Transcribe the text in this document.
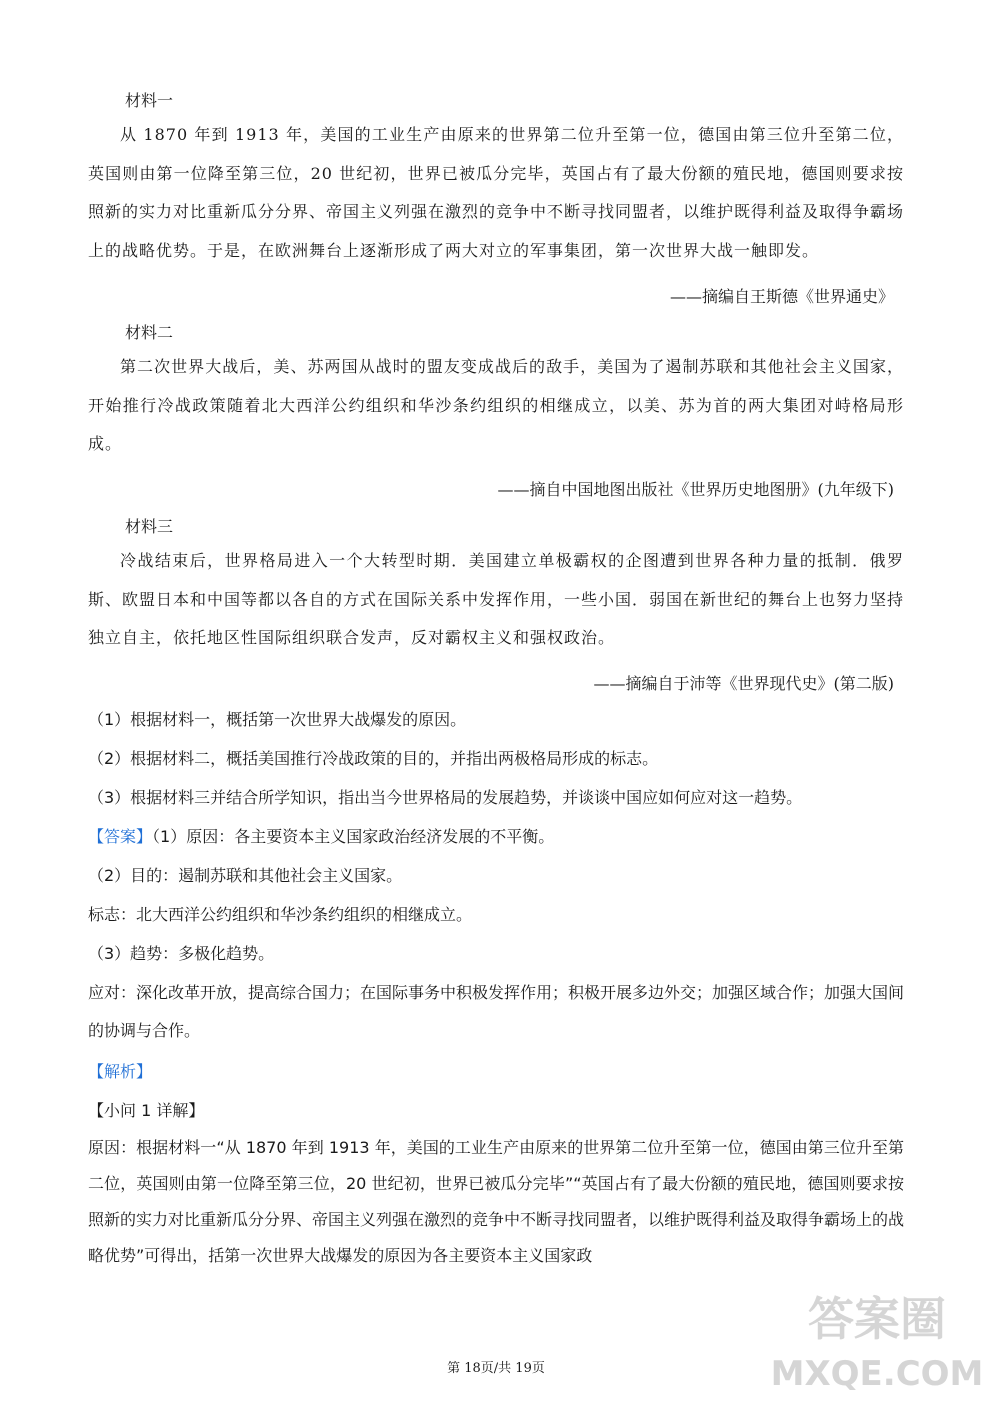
材料一
从 1870 年到 1913 年，美国的工业生产由原来的世界第二位升至第一位，德国由第三位升至第二位，英国则由第一位降至第三位，20 世纪初，世界已被瓜分完毕，英国占有了最大份额的殖民地，德国则要求按照新的实力对比重新瓜分分界、帝国主义列强在激烈的竞争中不断寻找同盟者，以维护既得利益及取得争霸场上的战略优势。于是，在欧洲舞台上逐渐形成了两大对立的军事集团，第一次世界大战一触即发。
——摘编自王斯德《世界通史》
材料二
第二次世界大战后，美、苏两国从战时的盟友变成战后的敌手，美国为了遏制苏联和其他社会主义国家，开始推行冷战政策随着北大西洋公约组织和华沙条约组织的相继成立，以美、苏为首的两大集团对峙格局形成。
——摘自中国地图出版社《世界历史地图册》(九年级下)
材料三
冷战结束后，世界格局进入一个大转型时期．美国建立单极霸权的企图遭到世界各种力量的抵制．俄罗斯、欧盟日本和中国等都以各自的方式在国际关系中发挥作用，一些小国．弱国在新世纪的舞台上也努力坚持独立自主，依托地区性国际组织联合发声，反对霸权主义和强权政治。
——摘编自于沛等《世界现代史》(第二版)
（1）根据材料一，概括第一次世界大战爆发的原因。
（2）根据材料二，概括美国推行冷战政策的目的，并指出两极格局形成的标志。
（3）根据材料三并结合所学知识，指出当今世界格局的发展趋势，并谈谈中国应如何应对这一趋势。
【答案】（1）原因：各主要资本主义国家政治经济发展的不平衡。
（2）目的：遏制苏联和其他社会主义国家。
标志：北大西洋公约组织和华沙条约组织的相继成立。
（3）趋势：多极化趋势。
应对：深化改革开放，提高综合国力；在国际事务中积极发挥作用；积极开展多边外交；加强区域合作；加强大国间的协调与合作。
【解析】
【小问 1 详解】
原因：根据材料一“从 1870 年到 1913 年，美国的工业生产由原来的世界第二位升至第一位，德国由第三位升至第二位，英国则由第一位降至第三位，20 世纪初，世界已被瓜分完毕”“英国占有了最大份额的殖民地，德国则要求按照新的实力对比重新瓜分分界、帝国主义列强在激烈的竞争中不断寻找同盟者，以维护既得利益及取得争霸场上的战略优势”可得出，括第一次世界大战爆发的原因为各主要资本主义国家政
第 18页/共 19页
答案圈
MXQE.COM
